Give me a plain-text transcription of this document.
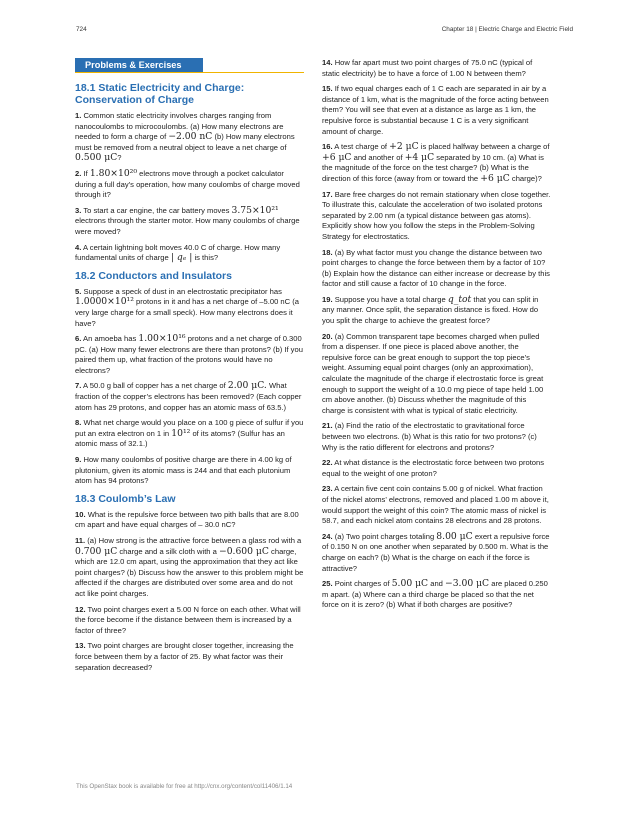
724	Chapter 18 | Electric Charge and Electric Field
Problems & Exercises
18.1 Static Electricity and Charge: Conservation of Charge
1. Common static electricity involves charges ranging from nanocoulombs to microcoulombs. (a) How many electrons are needed to form a charge of −2.00 nC (b) How many electrons must be removed from a neutral object to leave a net charge of 0.500 μC?
2. If 1.80×10²⁰ electrons move through a pocket calculator during a full day’s operation, how many coulombs of charge moved through it?
3. To start a car engine, the car battery moves 3.75×10²¹ electrons through the starter motor. How many coulombs of charge were moved?
4. A certain lightning bolt moves 40.0 C of charge. How many fundamental units of charge | qₑ | is this?
18.2 Conductors and Insulators
5. Suppose a speck of dust in an electrostatic precipitator has 1.0000×10¹² protons in it and has a net charge of –5.00 nC (a very large charge for a small speck). How many electrons does it have?
6. An amoeba has 1.00×10¹⁶ protons and a net charge of 0.300 pC. (a) How many fewer electrons are there than protons? (b) If you paired them up, what fraction of the protons would have no electrons?
7. A 50.0 g ball of copper has a net charge of 2.00 μC. What fraction of the copper’s electrons has been removed? (Each copper atom has 29 protons, and copper has an atomic mass of 63.5.)
8. What net charge would you place on a 100 g piece of sulfur if you put an extra electron on 1 in 10¹² of its atoms? (Sulfur has an atomic mass of 32.1.)
9. How many coulombs of positive charge are there in 4.00 kg of plutonium, given its atomic mass is 244 and that each plutonium atom has 94 protons?
18.3 Coulomb’s Law
10. What is the repulsive force between two pith balls that are 8.00 cm apart and have equal charges of – 30.0 nC?
11. (a) How strong is the attractive force between a glass rod with a 0.700 μC charge and a silk cloth with a −0.600 μC charge, which are 12.0 cm apart, using the approximation that they act like point charges? (b) Discuss how the answer to this problem might be affected if the charges are distributed over some area and do not act like point charges.
12. Two point charges exert a 5.00 N force on each other. What will the force become if the distance between them is increased by a factor of three?
13. Two point charges are brought closer together, increasing the force between them by a factor of 25. By what factor was their separation decreased?
14. How far apart must two point charges of 75.0 nC (typical of static electricity) be to have a force of 1.00 N between them?
15. If two equal charges each of 1 C each are separated in air by a distance of 1 km, what is the magnitude of the force acting between them? You will see that even at a distance as large as 1 km, the repulsive force is substantial because 1 C is a very significant amount of charge.
16. A test charge of +2 μC is placed halfway between a charge of +6 μC and another of +4 μC separated by 10 cm. (a) What is the magnitude of the force on the test charge? (b) What is the direction of this force (away from or toward the +6 μC charge)?
17. Bare free charges do not remain stationary when close together. To illustrate this, calculate the acceleration of two isolated protons separated by 2.00 nm (a typical distance between gas atoms). Explicitly show how you follow the steps in the Problem-Solving Strategy for electrostatics.
18. (a) By what factor must you change the distance between two point charges to change the force between them by a factor of 10? (b) Explain how the distance can either increase or decrease by this factor and still cause a factor of 10 change in the force.
19. Suppose you have a total charge q_tot that you can split in any manner. Once split, the separation distance is fixed. How do you split the charge to achieve the greatest force?
20. (a) Common transparent tape becomes charged when pulled from a dispenser. If one piece is placed above another, the repulsive force can be great enough to support the top piece’s weight. Assuming equal point charges (only an approximation), calculate the magnitude of the charge if electrostatic force is great enough to support the weight of a 10.0 mg piece of tape held 1.00 cm above another. (b) Discuss whether the magnitude of this charge is consistent with what is typical of static electricity.
21. (a) Find the ratio of the electrostatic to gravitational force between two electrons. (b) What is this ratio for two protons? (c) Why is the ratio different for electrons and protons?
22. At what distance is the electrostatic force between two protons equal to the weight of one proton?
23. A certain five cent coin contains 5.00 g of nickel. What fraction of the nickel atoms’ electrons, removed and placed 1.00 m above it, would support the weight of this coin? The atomic mass of nickel is 58.7, and each nickel atom contains 28 electrons and 28 protons.
24. (a) Two point charges totaling 8.00 μC exert a repulsive force of 0.150 N on one another when separated by 0.500 m. What is the charge on each? (b) What is the charge on each if the force is attractive?
25. Point charges of 5.00 μC and −3.00 μC are placed 0.250 m apart. (a) Where can a third charge be placed so that the net force on it is zero? (b) What if both charges are positive?
This OpenStax book is available for free at http://cnx.org/content/col11406/1.14
